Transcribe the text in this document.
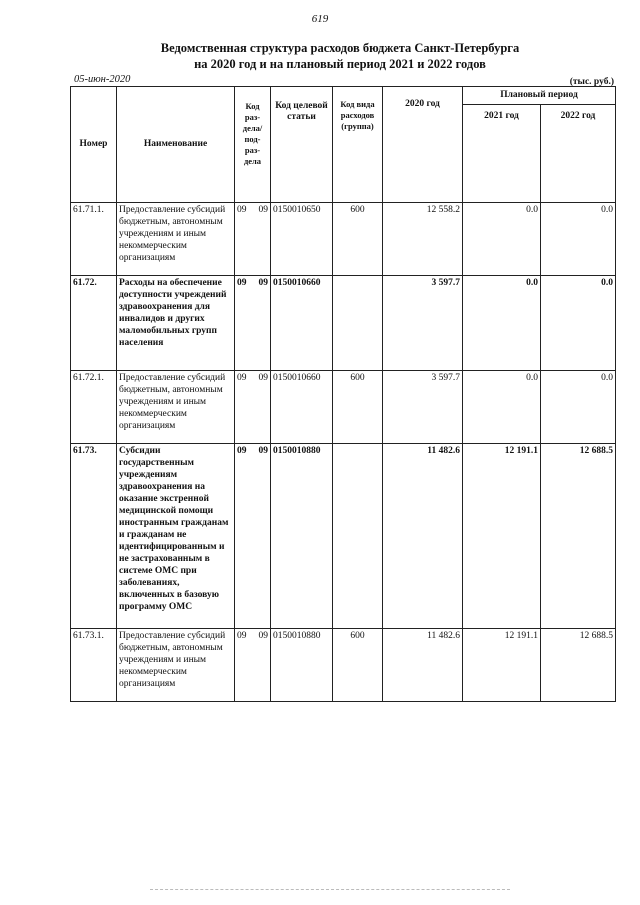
619
Ведомственная структура расходов бюджета Санкт-Петербурга
на 2020 год и на плановый период 2021 и 2022 годов
05-июн-2020	(тыс. руб.)
Номер	Наименование	Код раз-дела/ под-раз-дела	Код целевой статьи	Код вида расходов (группа)	2020 год	Плановый период	
						2021 год	2022 год
61.71.1.	Предоставление субсидий бюджетным, автономным учреждениям и иным некоммерческим организациям	09 09	0150010650	600	12 558.2	0.0	0.0
61.72.	Расходы на обеспечение доступности учреждений здравоохранения для инвалидов и других маломобильных групп населения	09 09	0150010660		3 597.7	0.0	0.0
61.72.1.	Предоставление субсидий бюджетным, автономным учреждениям и иным некоммерческим организациям	09 09	0150010660	600	3 597.7	0.0	0.0
61.73.	Субсидии государственным учреждениям здравоохранения на оказание экстренной медицинской помощи иностранным гражданам и гражданам не идентифицированным и не застрахованным в системе ОМС при заболеваниях, включенных в базовую программу ОМС	09 09	0150010880		11 482.6	12 191.1	12 688.5
61.73.1.	Предоставление субсидий бюджетным, автономным учреждениям и иным некоммерческим организациям	09 09	0150010880	600	11 482.6	12 191.1	12 688.5
